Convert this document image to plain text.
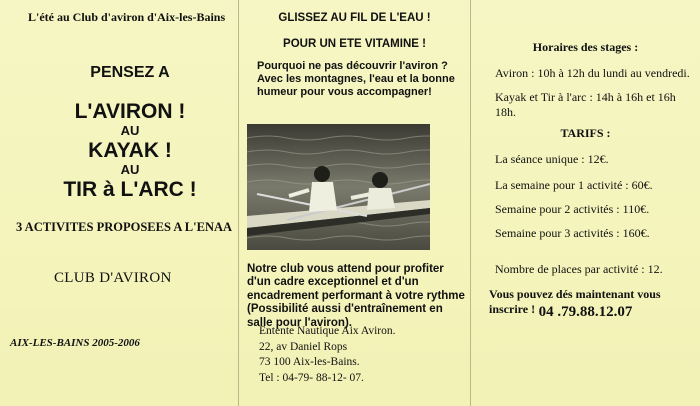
L'été au Club d'aviron d'Aix-les-Bains
PENSEZ A
L'AVIRON !
AU
KAYAK !
AU
TIR à L'ARC !
3 ACTIVITES PROPOSEES A L'ENAA
CLUB D'AVIRON
AIX-LES-BAINS 2005-2006
GLISSEZ AU FIL DE L'EAU !
POUR UN ETE VITAMINE !
Pourquoi ne pas découvrir l'aviron ? Avec les montagnes, l'eau et la bonne humeur pour vous accompagner!
Notre club vous attend pour profiter d'un cadre exceptionnel et d'un encadrement performant à votre rythme (Possibilité aussi d'entraînement en salle pour l'aviron).
Entente Nautique Aix Aviron.
22, av Daniel Rops
73 100 Aix-les-Bains.
Tel : 04-79- 88-12- 07.
Horaires des stages :
Aviron : 10h à 12h du lundi au vendredi.
Kayak et Tir à l'arc : 14h à 16h et 16h 18h.
TARIFS :
La séance unique : 12€.
La semaine pour 1 activité : 60€.
Semaine pour 2 activités : 110€.
Semaine pour 3 activités : 160€.
Nombre de places par activité : 12.
Vous pouvez dés maintenant vous inscrire ! 04 .79.88.12.07
